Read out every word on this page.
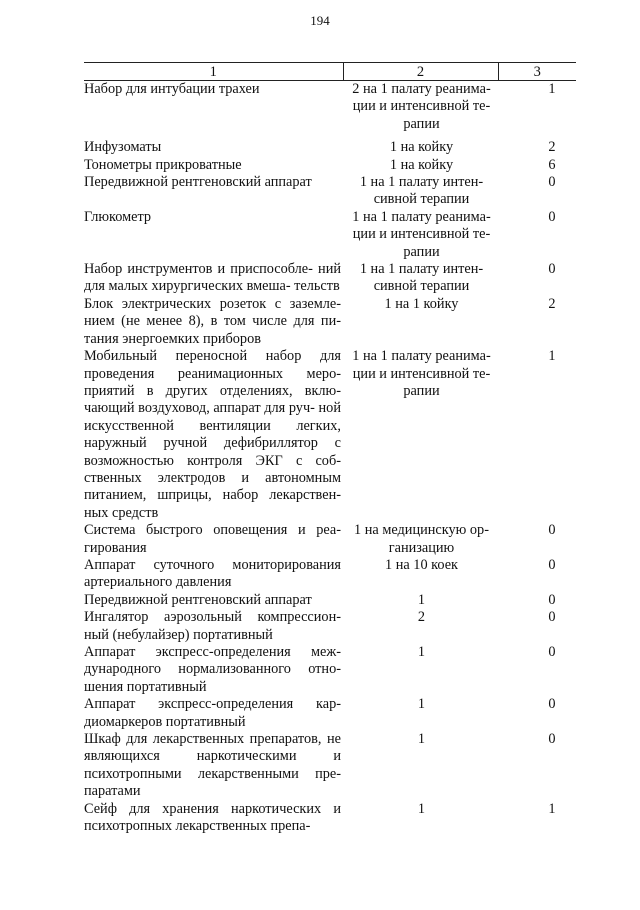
194
1	2	3
Набор для интубации трахеи	2 на 1 палату реанима- ции и интенсивной те- рапии	1

Инфузоматы	1 на койку	2
Тонометры прикроватные	1 на койку	6
Передвижной рентгеновский аппарат	1 на 1 палату интен- сивной терапии	0
Глюкометр	1 на 1 палату реанима- ции и интенсивной те- рапии	0
Набор инструментов и приспособле- ний для малых хирургических вмеша- тельств	1 на 1 палату интен- сивной терапии	0
Блок электрических розеток с заземле- нием (не менее 8), в том числе для пи- тания энергоемких приборов	1 на 1 койку	2
Мобильный переносной набор для проведения реанимационных меро- приятий в других отделениях, вклю- чающий воздуховод, аппарат для руч- ной искусственной вентиляции легких, наружный ручной дефибриллятор с возможностью контроля ЭКГ с соб- ственных электродов и автономным питанием, шприцы, набор лекарствен- ных средств	1 на 1 палату реанима- ции и интенсивной те- рапии	1
Система быстрого оповещения и реа- гирования	1 на медицинскую ор- ганизацию	0
Аппарат суточного мониторирования артериального давления	1 на 10 коек	0
Передвижной рентгеновский аппарат	1	0
Ингалятор аэрозольный компрессион- ный (небулайзер) портативный	2	0
Аппарат экспресс-определения меж- дународного нормализованного отно- шения портативный	1	0
Аппарат экспресс-определения кар- диомаркеров портативный	1	0
Шкаф для лекарственных препаратов, не являющихся наркотическими и психотропными лекарственными пре- паратами	1	0
Сейф для хранения наркотических и психотропных лекарственных препа-	1	1
